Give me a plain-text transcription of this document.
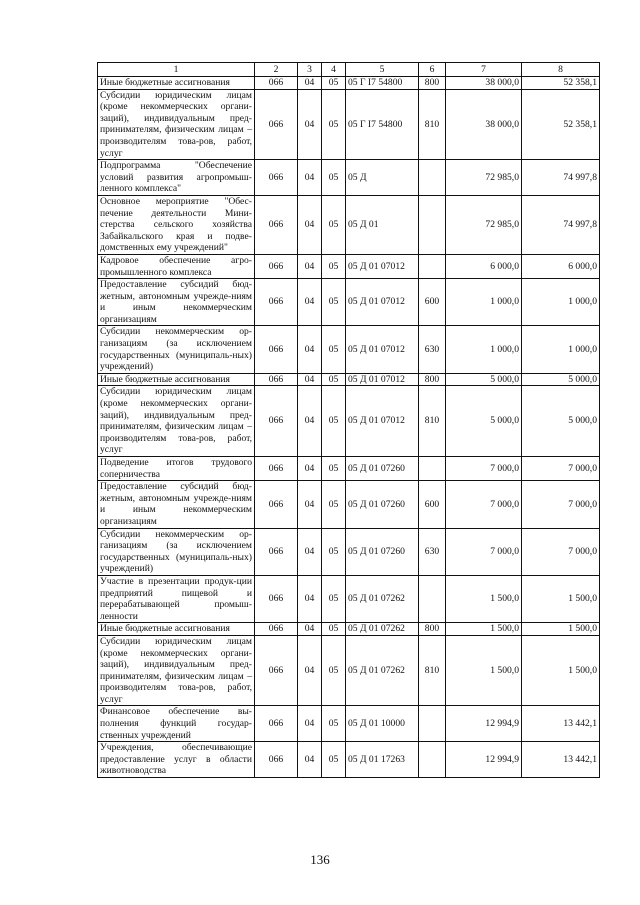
1	2	3	4	5	6	7	8
Иные бюджетные ассигнования	066	04	05	05 Г I7 54800	800	38 000,0	52 358,1
Субсидии юридическим лицам (кроме некоммерческих органи-заций), индивидуальным пред-принимателям, физическим лицам – производителям това-ров, работ, услуг	066	04	05	05 Г I7 54800	810	38 000,0	52 358,1
Подпрограмма "Обеспечение условий развития агропромыш-ленного комплекса"	066	04	05	05 Д		72 985,0	74 997,8
Основное мероприятие "Обес-печение деятельности Мини-стерства сельского хозяйства Забайкальского края и подве-домственных ему учреждений"	066	04	05	05 Д 01		72 985,0	74 997,8
Кадровое обеспечение агро-промышленного комплекса	066	04	05	05 Д 01 07012		6 000,0	6 000,0
Предоставление субсидий бюд-жетным, автономным учрежде-ниям и иным некоммерческим организациям	066	04	05	05 Д 01 07012	600	1 000,0	1 000,0
Субсидии некоммерческим ор-ганизациям (за исключением государственных (муниципаль-ных) учреждений)	066	04	05	05 Д 01 07012	630	1 000,0	1 000,0
Иные бюджетные ассигнования	066	04	05	05 Д 01 07012	800	5 000,0	5 000,0
Субсидии юридическим лицам (кроме некоммерческих органи-заций), индивидуальным пред-принимателям, физическим лицам – производителям това-ров, работ, услуг	066	04	05	05 Д 01 07012	810	5 000,0	5 000,0
Подведение итогов трудового соперничества	066	04	05	05 Д 01 07260		7 000,0	7 000,0
Предоставление субсидий бюд-жетным, автономным учрежде-ниям и иным некоммерческим организациям	066	04	05	05 Д 01 07260	600	7 000,0	7 000,0
Субсидии некоммерческим ор-ганизациям (за исключением государственных (муниципаль-ных) учреждений)	066	04	05	05 Д 01 07260	630	7 000,0	7 000,0
Участие в презентации продук-ции предприятий пищевой и перерабатывающей промыш-ленности	066	04	05	05 Д 01 07262		1 500,0	1 500,0
Иные бюджетные ассигнования	066	04	05	05 Д 01 07262	800	1 500,0	1 500,0
Субсидии юридическим лицам (кроме некоммерческих органи-заций), индивидуальным пред-принимателям, физическим лицам – производителям това-ров, работ, услуг	066	04	05	05 Д 01 07262	810	1 500,0	1 500,0
Финансовое обеспечение вы-полнения функций государ-ственных учреждений	066	04	05	05 Д 01 10000		12 994,9	13 442,1
Учреждения, обеспечивающие предоставление услуг в области животноводства	066	04	05	05 Д 01 17263		12 994,9	13 442,1
136
